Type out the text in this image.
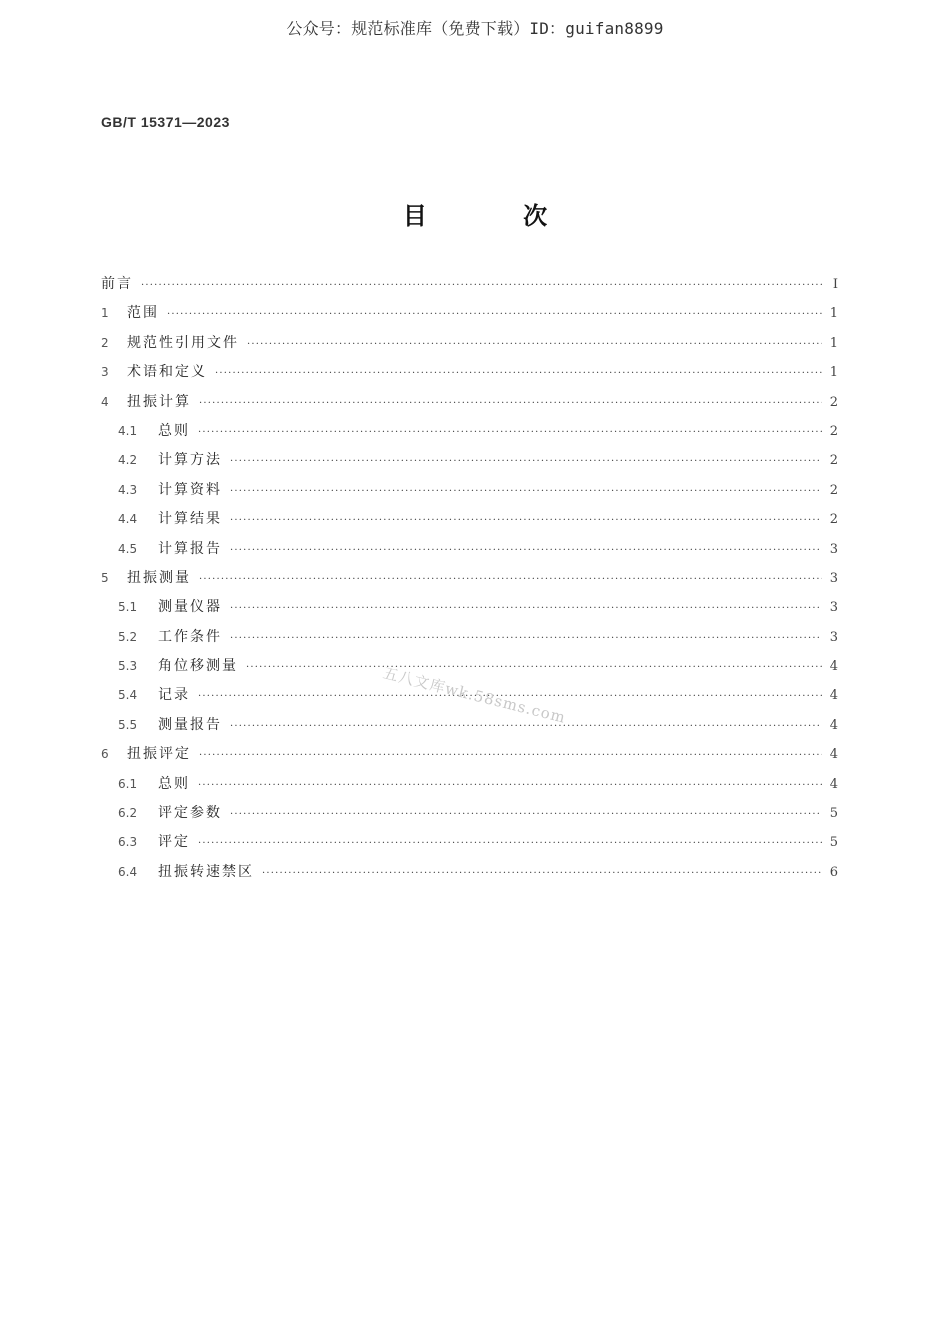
公众号：规范标准库（免费下载）ID：guifan8899
GB/T 15371—2023
目 次
前言 ·····	I
1	范围 ·····	1
2	规范性引用文件 ·····	1
3	术语和定义 ·····	1
4	扭振计算 ·····	2
4.1	总则 ·····	2
4.2	计算方法 ·····	2
4.3	计算资料 ·····	2
4.4	计算结果 ·····	2
4.5	计算报告 ·····	3
5	扭振测量 ·····	3
5.1	测量仪器 ·····	3
5.2	工作条件 ·····	3
5.3	角位移测量 ·····	4
5.4	记录 ·····	4
5.5	测量报告 ·····	4
6	扭振评定 ·····	4
6.1	总则 ·····	4
6.2	评定参数 ·····	5
6.3	评定 ·····	5
6.4	扭振转速禁区 ·····	6
五八文库wk.58sms.com
